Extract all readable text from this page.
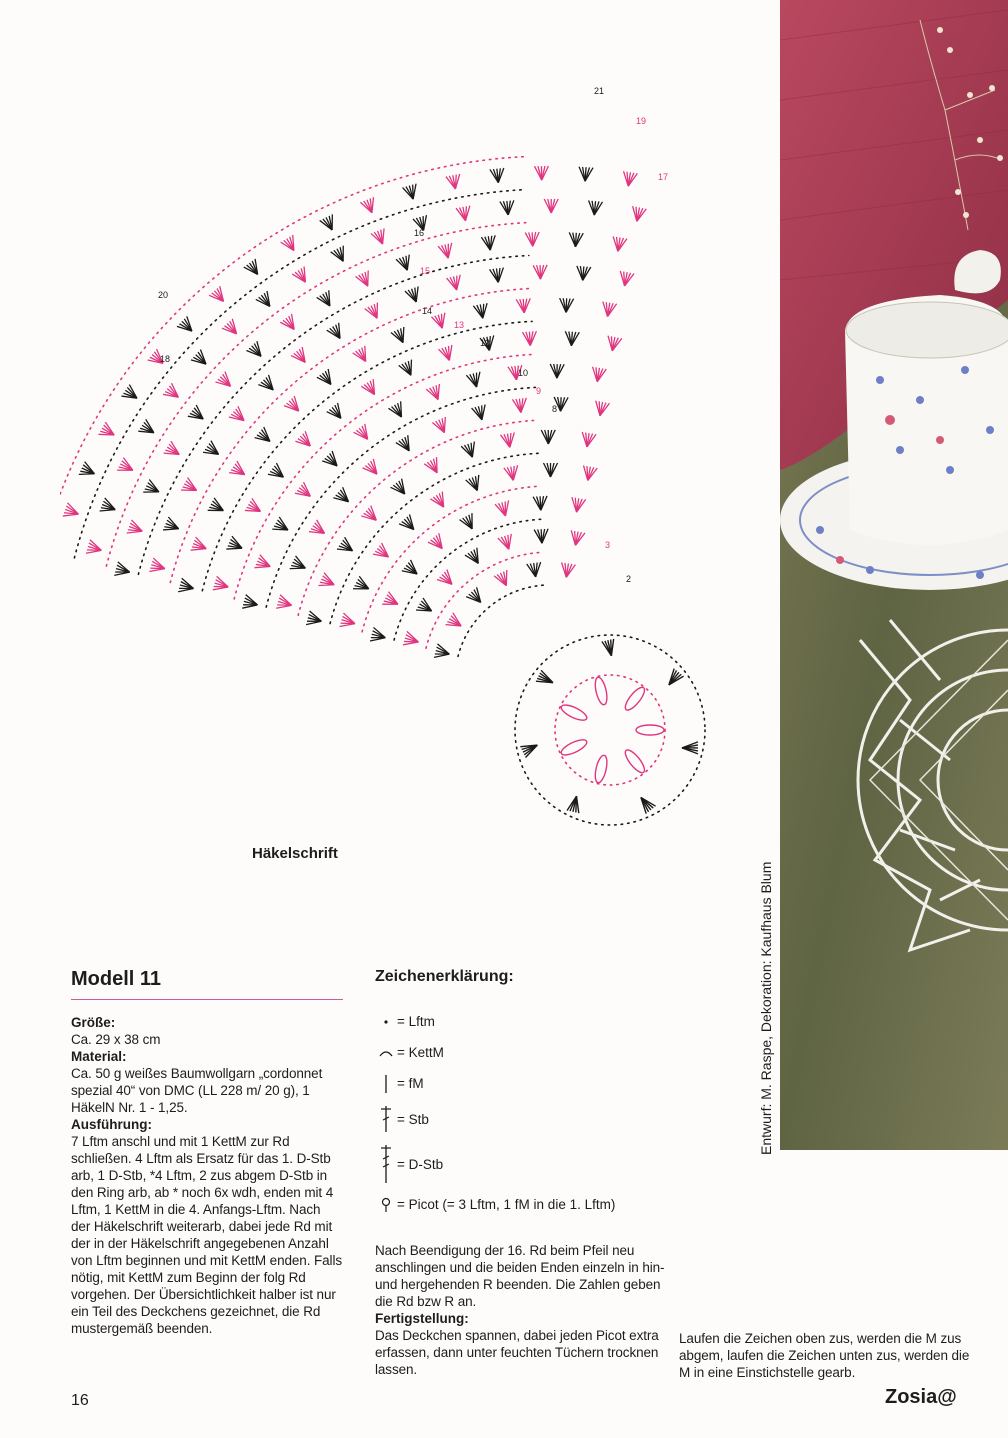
2
3
8
9
10
12
13
14
15
16
17
18
19
20
21
Häkelschrift
Entwurf: M. Raspe, Dekoration: Kaufhaus Blum
Modell 11
Größe:
Ca. 29 x 38 cm
Material:
Ca. 50 g weißes Baumwollgarn „cordonnet spezial 40“ von DMC (LL 228 m/ 20 g), 1 HäkelN Nr. 1 - 1,25.
Ausführung:
7 Lftm anschl und mit 1 KettM zur Rd schließen. 4 Lftm als Ersatz für das 1. D-Stb arb, 1 D-Stb, *4 Lftm, 2 zus abgem D-Stb in den Ring arb, ab * noch 6x wdh, enden mit 4 Lftm, 1 KettM in die 4. Anfangs-Lftm. Nach der Häkelschrift weiterarb, dabei jede Rd mit der in der Häkelschrift angegebenen Anzahl von Lftm beginnen und mit KettM enden. Falls nötig, mit KettM zum Beginn der folg Rd vorgehen. Der Übersichtlichkeit halber ist nur ein Teil des Deckchens gezeichnet, die Rd mustergemäß beenden.
Zeichenerklärung:
= Lftm
= KettM
= fM
= Stb
= D-Stb
= Picot (= 3 Lftm, 1 fM in die 1. Lftm)
Nach Beendigung der 16. Rd beim Pfeil neu anschlingen und die beiden Enden einzeln in hin- und hergehenden R beenden. Die Zahlen geben die Rd bzw R an.
Fertigstellung:
Das Deckchen spannen, dabei jeden Picot extra erfassen, dann unter feuchten Tüchern trocknen lassen.
Laufen die Zeichen oben zus, werden die M zus abgem, laufen die Zeichen unten zus, werden die M in eine Einstichstelle gearb.
16	Zosia@
